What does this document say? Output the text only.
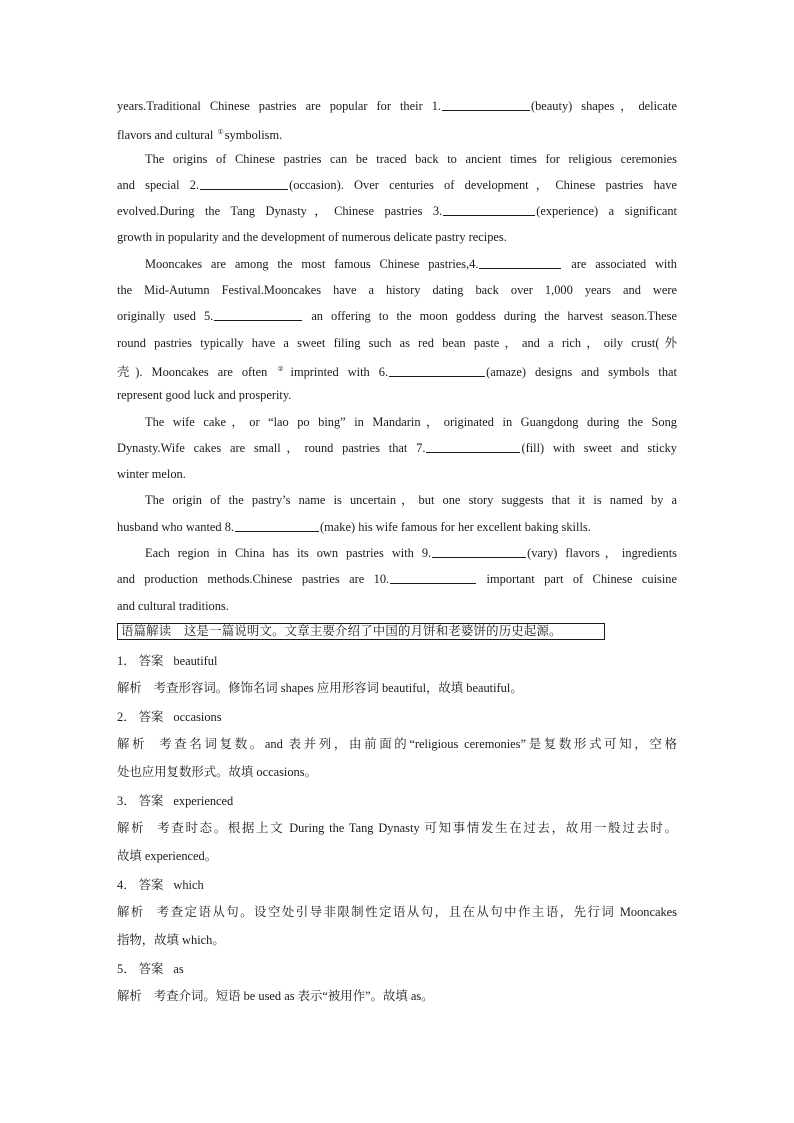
years.Traditional Chinese pastries are popular for their 1.	(beauty) shapes，delicate
flavors and cultural ①symbolism.
The origins of Chinese pastries can be traced back to ancient times for religious ceremonies
and special 2.	(occasion). Over centuries of development，Chinese pastries have
evolved.During the Tang Dynasty，Chinese pastries 3.	(experience) a significant
growth in popularity and the development of numerous delicate pastry recipes.
Mooncakes are among the most famous Chinese pastries,4.	are associated with
the Mid-Autumn Festival.Mooncakes have a history dating back over 1,000 years and were
originally used 5.	an offering to the moon goddess during the harvest season.These
round pastries typically have a sweet filing such as red bean paste，and a rich，oily crust(外
壳). Mooncakes are often ②imprinted with 6.	(amaze) designs and symbols that
represent good luck and prosperity.
The wife cake，or “lao po bing” in Mandarin，originated in Guangdong during the Song
Dynasty.Wife cakes are small，round pastries that 7.	(fill) with sweet and sticky
winter melon.
The origin of the pastry’s name is uncertain，but one story suggests that it is named by a
husband who wanted 8.	(make) his wife famous for her excellent baking skills.
Each region in China has its own pastries with 9.	(vary) flavors，ingredients
and production methods.Chinese pastries are 10.	important part of Chinese cuisine
and cultural traditions.
语篇解读　这是一篇说明文。文章主要介绍了中国的月饼和老婆饼的历史起源。
1． 答案 beautiful
解析 考查形容词。修饰名词 shapes 应用形容词 beautiful，故填 beautiful。
2． 答案 occasions
解析 考查名词复数。and 表并列，由前面的“religious ceremonies”是复数形式可知，空格
处也应用复数形式。故填 occasions。
3． 答案 experienced
解析 考查时态。根据上文 During the Tang Dynasty 可知事情发生在过去，故用一般过去时。
故填 experienced。
4． 答案 which
解析 考查定语从句。设空处引导非限制性定语从句，且在从句中作主语，先行词 Mooncakes
指物，故填 which。
5． 答案 as
解析 考查介词。短语 be used as 表示“被用作”。故填 as。
